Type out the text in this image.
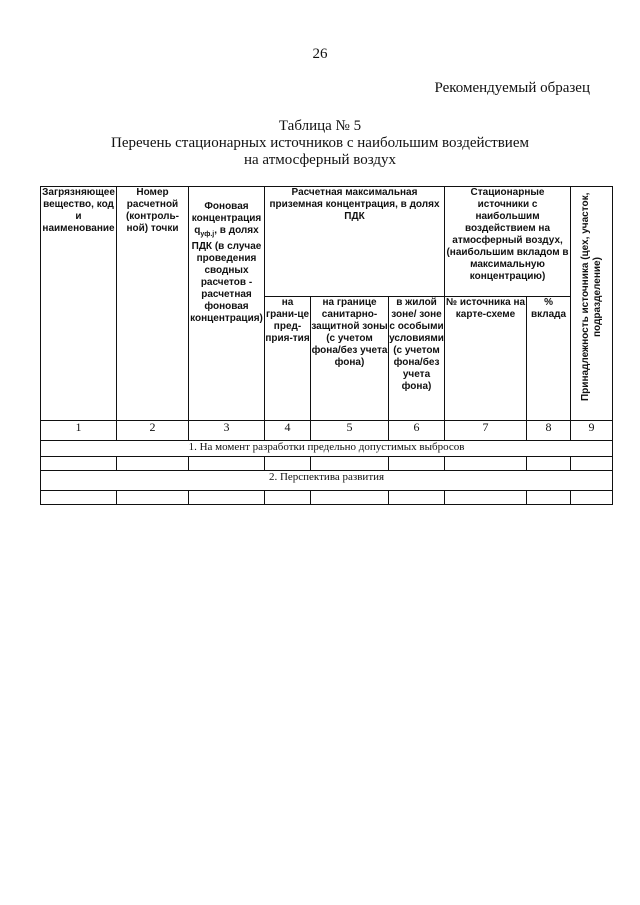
26
Рекомендуемый образец
Таблица № 5
Перечень стационарных источников с наибольшим воздействием
на атмосферный воздух
Загрязняющее вещество, код и наименование	Номер расчетной (контроль-ной) точки	Фоновая концентрация $q_{уф.j}$, в долях ПДК (в случае проведения сводных расчетов - расчетная фоновая концентрация)	Расчетная максимальная приземная концентрация, в долях ПДК			Стационарные источники с наибольшим воздействием на атмосферный воздух, (наибольшим вкладом в максимальную концентрацию)		Принадлежность источника (цех, участок, подразделение)
			на грани-це пред-прия-тия	на границе санитарно-защитной зоны (с учетом фона/без учета фона)	в жилой зоне/ зоне с особыми условиями (с учетом фона/без учета фона)	№ источника на карте-схеме	% вклада	
1	2	3	4	5	6	7	8	9
1. На момент разработки предельно допустимых выбросов								

2. Перспектива развития								
